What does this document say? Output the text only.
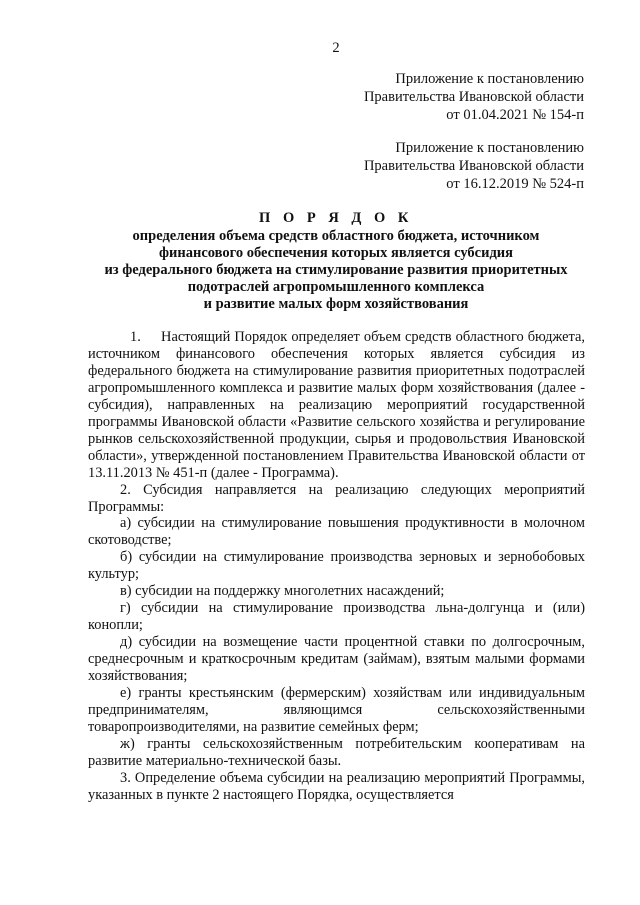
2
Приложение к постановлению
Правительства Ивановской области
от 01.04.2021 № 154-п
Приложение к постановлению
Правительства Ивановской области
от 16.12.2019 № 524-п
П О Р Я Д О К
определения объема средств областного бюджета, источником
финансового обеспечения которых является субсидия
из федерального бюджета на стимулирование развития приоритетных
подотраслей агропромышленного комплекса
и развитие малых форм хозяйствования

1.     Настоящий Порядок определяет объем средств областного бюджета, источником финансового обеспечения которых является субсидия из федерального бюджета на стимулирование развития приоритетных подотраслей агропромышленного комплекса и развитие малых форм хозяйствования (далее - субсидия), направленных на реализацию мероприятий государственной программы Ивановской области «Развитие сельского хозяйства и регулирование рынков сельскохозяйственной продукции, сырья и продовольствия Ивановской области», утвержденной постановлением Правительства Ивановской области от 13.11.2013 № 451-п (далее - Программа).

2. Субсидия направляется на реализацию следующих мероприятий Программы:

а) субсидии на стимулирование повышения продуктивности в молочном скотоводстве;

б) субсидии на стимулирование производства зерновых и зернобобовых культур;

в) субсидии на поддержку многолетних насаждений;

г) субсидии на стимулирование производства льна-долгунца и (или) конопли;

д) субсидии на возмещение части процентной ставки по долгосрочным, среднесрочным и краткосрочным кредитам (займам), взятым малыми формами хозяйствования;

е) гранты крестьянским (фермерским) хозяйствам или индивидуальным предпринимателям, являющимся сельскохозяйственными товаропроизводителями, на развитие семейных ферм;

ж) гранты сельскохозяйственным потребительским кооперативам на развитие материально-технической базы.

3. Определение объема субсидии на реализацию мероприятий Программы, указанных в пункте 2 настоящего Порядка, осуществляется
